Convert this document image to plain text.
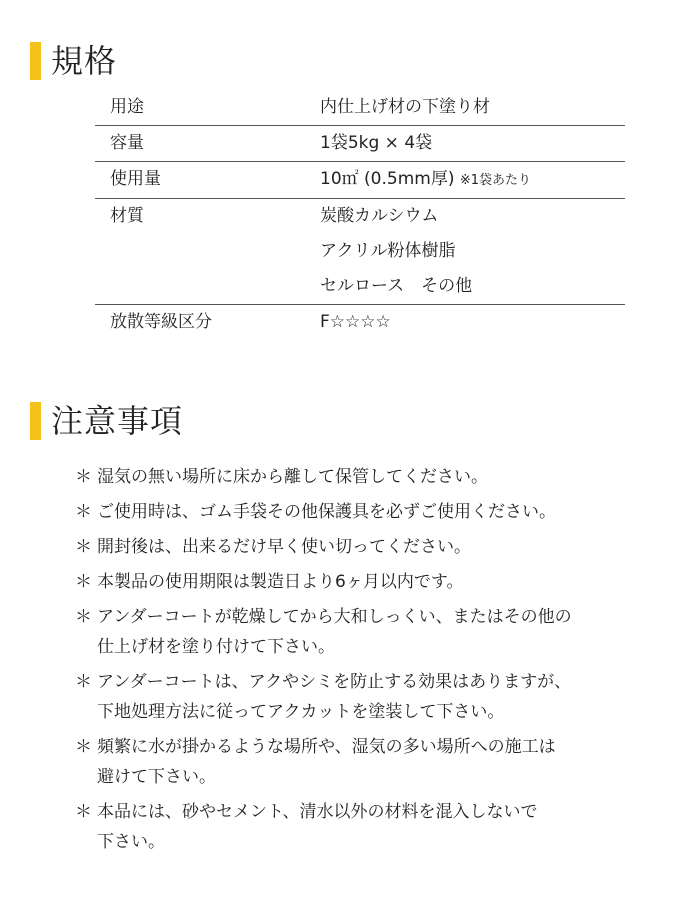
規格
用途	内仕上げ材の下塗り材
容量	1袋5kg × 4袋
使用量	10㎡ (0.5mm厚) ※1袋あたり
材質	炭酸カルシウム
アクリル粉体樹脂
セルロース　その他
放散等級区分	F☆☆☆☆
注意事項
＊ 湿気の無い場所に床から離して保管してください。
＊ ご使用時は、ゴム手袋その他保護具を必ずご使用ください。
＊ 開封後は、出来るだけ早く使い切ってください。
＊ 本製品の使用期限は製造日より6ヶ月以内です。
＊ アンダーコートが乾燥してから大和しっくい、またはその他の
仕上げ材を塗り付けて下さい。
＊ アンダーコートは、アクやシミを防止する効果はありますが、
下地処理方法に従ってアクカットを塗装して下さい。
＊ 頻繁に水が掛かるような場所や、湿気の多い場所への施工は
避けて下さい。
＊ 本品には、砂やセメント、清水以外の材料を混入しないで
下さい。
